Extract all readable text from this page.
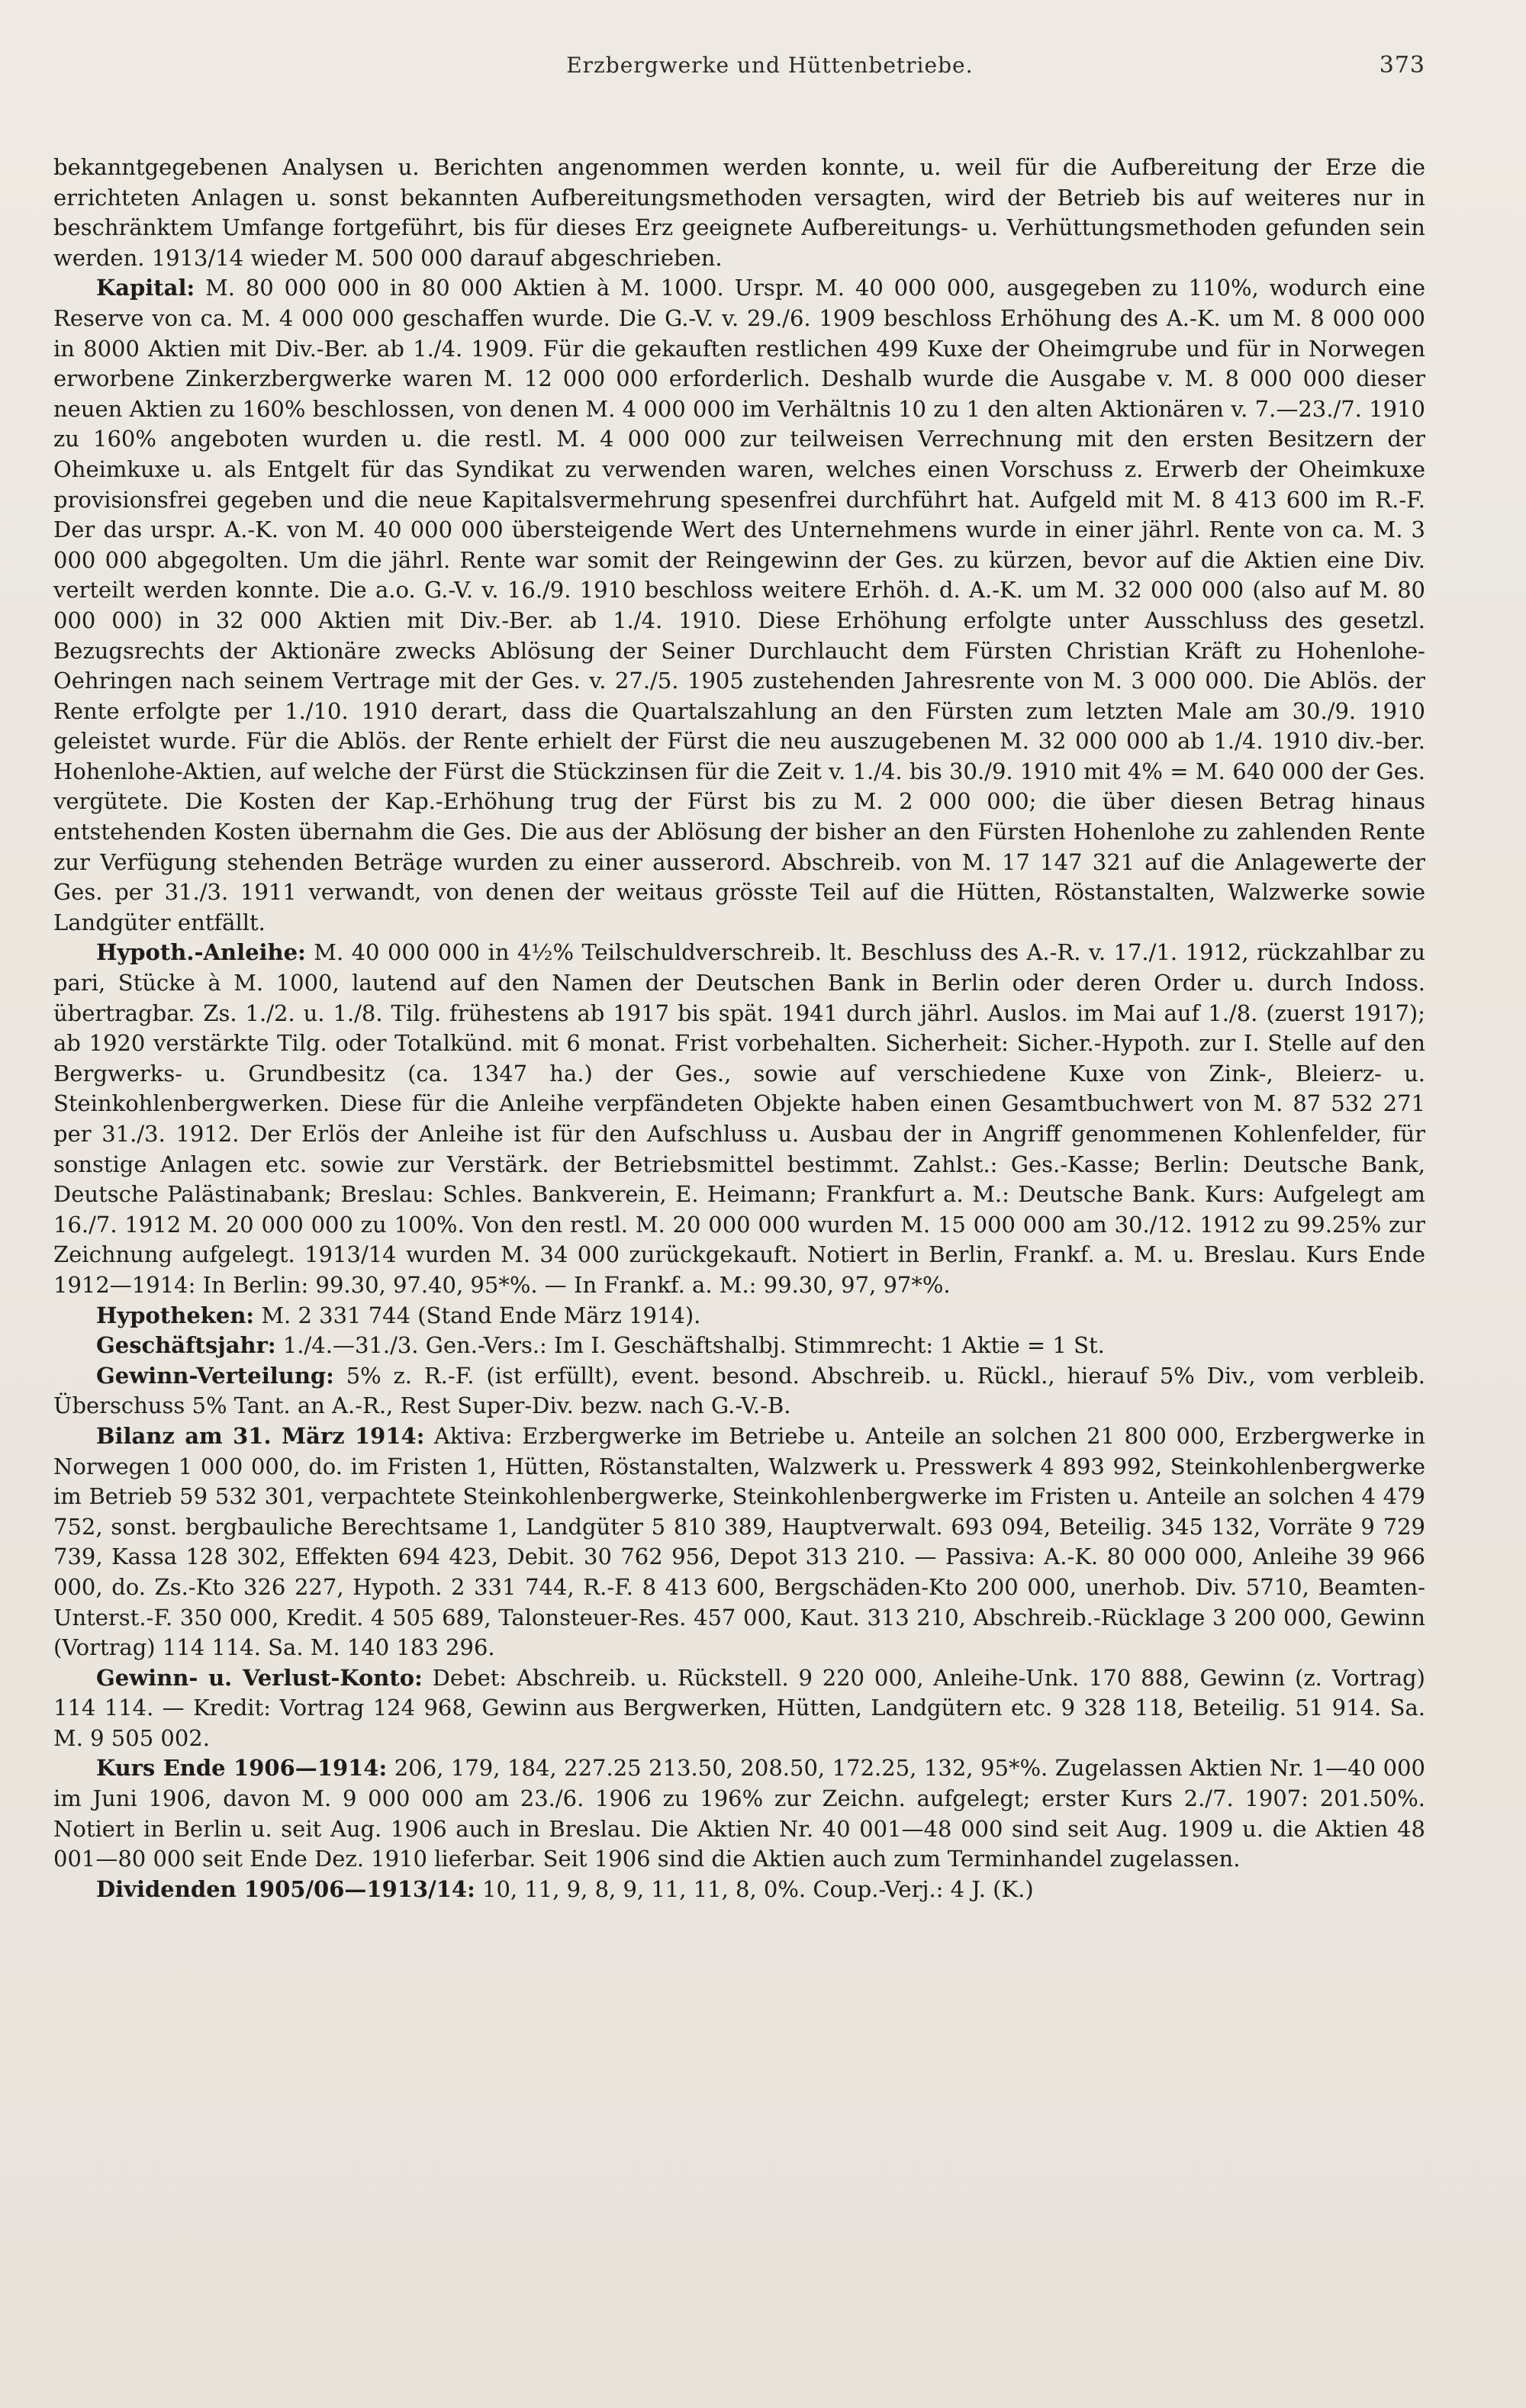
Erzbergwerke und Hüttenbetriebe.	373

bekanntgegebenen Analysen u. Berichten angenommen werden konnte, u. weil für die Aufbereitung der Erze die errichteten Anlagen u. sonst bekannten Aufbereitungsmethoden versagten, wird der Betrieb bis auf weiteres nur in beschränktem Umfange fortgeführt, bis für dieses Erz geeignete Aufbereitungs- u. Verhüttungsmethoden gefunden sein werden. 1913/14 wieder M. 500 000 darauf abgeschrieben.

Kapital: M. 80 000 000 in 80 000 Aktien à M. 1000. Urspr. M. 40 000 000, ausgegeben zu 110%, wodurch eine Reserve von ca. M. 4 000 000 geschaffen wurde. Die G.-V. v. 29./6. 1909 beschloss Erhöhung des A.-K. um M. 8 000 000 in 8000 Aktien mit Div.-Ber. ab 1./4. 1909. Für die gekauften restlichen 499 Kuxe der Oheimgrube und für in Norwegen erworbene Zinkerzbergwerke waren M. 12 000 000 erforderlich. Deshalb wurde die Ausgabe v. M. 8 000 000 dieser neuen Aktien zu 160% beschlossen, von denen M. 4 000 000 im Verhältnis 10 zu 1 den alten Aktionären v. 7.—23./7. 1910 zu 160% angeboten wurden u. die restl. M. 4 000 000 zur teilweisen Verrechnung mit den ersten Besitzern der Oheimkuxe u. als Entgelt für das Syndikat zu verwenden waren, welches einen Vorschuss z. Erwerb der Oheimkuxe provisionsfrei gegeben und die neue Kapitalsvermehrung spesenfrei durchführt hat. Aufgeld mit M. 8 413 600 im R.-F. Der das urspr. A.-K. von M. 40 000 000 übersteigende Wert des Unternehmens wurde in einer jährl. Rente von ca. M. 3 000 000 abgegolten. Um die jährl. Rente war somit der Reingewinn der Ges. zu kürzen, bevor auf die Aktien eine Div. verteilt werden konnte. Die a.o. G.-V. v. 16./9. 1910 beschloss weitere Erhöh. d. A.-K. um M. 32 000 000 (also auf M. 80 000 000) in 32 000 Aktien mit Div.-Ber. ab 1./4. 1910. Diese Erhöhung erfolgte unter Ausschluss des gesetzl. Bezugsrechts der Aktionäre zwecks Ablösung der Seiner Durchlaucht dem Fürsten Christian Kräft zu Hohenlohe-Oehringen nach seinem Vertrage mit der Ges. v. 27./5. 1905 zustehenden Jahresrente von M. 3 000 000. Die Ablös. der Rente erfolgte per 1./10. 1910 derart, dass die Quartalszahlung an den Fürsten zum letzten Male am 30./9. 1910 geleistet wurde. Für die Ablös. der Rente erhielt der Fürst die neu auszugebenen M. 32 000 000 ab 1./4. 1910 div.-ber. Hohenlohe-Aktien, auf welche der Fürst die Stückzinsen für die Zeit v. 1./4. bis 30./9. 1910 mit 4% = M. 640 000 der Ges. vergütete. Die Kosten der Kap.-Erhöhung trug der Fürst bis zu M. 2 000 000; die über diesen Betrag hinaus entstehenden Kosten übernahm die Ges. Die aus der Ablösung der bisher an den Fürsten Hohenlohe zu zahlenden Rente zur Verfügung stehenden Beträge wurden zu einer ausserord. Abschreib. von M. 17 147 321 auf die Anlagewerte der Ges. per 31./3. 1911 verwandt, von denen der weitaus grösste Teil auf die Hütten, Röstanstalten, Walzwerke sowie Landgüter entfällt.

Hypoth.-Anleihe: M. 40 000 000 in 4½% Teilschuldverschreib. lt. Beschluss des A.-R. v. 17./1. 1912, rückzahlbar zu pari, Stücke à M. 1000, lautend auf den Namen der Deutschen Bank in Berlin oder deren Order u. durch Indoss. übertragbar. Zs. 1./2. u. 1./8. Tilg. frühestens ab 1917 bis spät. 1941 durch jährl. Auslos. im Mai auf 1./8. (zuerst 1917); ab 1920 verstärkte Tilg. oder Totalkünd. mit 6 monat. Frist vorbehalten. Sicherheit: Sicher.-Hypoth. zur I. Stelle auf den Bergwerks- u. Grundbesitz (ca. 1347 ha.) der Ges., sowie auf verschiedene Kuxe von Zink-, Bleierz- u. Steinkohlenbergwerken. Diese für die Anleihe verpfändeten Objekte haben einen Gesamtbuchwert von M. 87 532 271 per 31./3. 1912. Der Erlös der Anleihe ist für den Aufschluss u. Ausbau der in Angriff genommenen Kohlenfelder, für sonstige Anlagen etc. sowie zur Verstärk. der Betriebsmittel bestimmt. Zahlst.: Ges.-Kasse; Berlin: Deutsche Bank, Deutsche Palästinabank; Breslau: Schles. Bankverein, E. Heimann; Frankfurt a. M.: Deutsche Bank. Kurs: Aufgelegt am 16./7. 1912 M. 20 000 000 zu 100%. Von den restl. M. 20 000 000 wurden M. 15 000 000 am 30./12. 1912 zu 99.25% zur Zeichnung aufgelegt. 1913/14 wurden M. 34 000 zurückgekauft. Notiert in Berlin, Frankf. a. M. u. Breslau. Kurs Ende 1912—1914: In Berlin: 99.30, 97.40, 95*%. — In Frankf. a. M.: 99.30, 97, 97*%.

Hypotheken: M. 2 331 744 (Stand Ende März 1914).

Geschäftsjahr: 1./4.—31./3. Gen.-Vers.: Im I. Geschäftshalbj. Stimmrecht: 1 Aktie = 1 St.

Gewinn-Verteilung: 5% z. R.-F. (ist erfüllt), event. besond. Abschreib. u. Rückl., hierauf 5% Div., vom verbleib. Überschuss 5% Tant. an A.-R., Rest Super-Div. bezw. nach G.-V.-B.

Bilanz am 31. März 1914: Aktiva: Erzbergwerke im Betriebe u. Anteile an solchen 21 800 000, Erzbergwerke in Norwegen 1 000 000, do. im Fristen 1, Hütten, Röstanstalten, Walzwerk u. Presswerk 4 893 992, Steinkohlenbergwerke im Betrieb 59 532 301, verpachtete Steinkohlenbergwerke, Steinkohlenbergwerke im Fristen u. Anteile an solchen 4 479 752, sonst. bergbauliche Berechtsame 1, Landgüter 5 810 389, Hauptverwalt. 693 094, Beteilig. 345 132, Vorräte 9 729 739, Kassa 128 302, Effekten 694 423, Debit. 30 762 956, Depot 313 210. — Passiva: A.-K. 80 000 000, Anleihe 39 966 000, do. Zs.-Kto 326 227, Hypoth. 2 331 744, R.-F. 8 413 600, Bergschäden-Kto 200 000, unerhob. Div. 5710, Beamten-Unterst.-F. 350 000, Kredit. 4 505 689, Talonsteuer-Res. 457 000, Kaut. 313 210, Abschreib.-Rücklage 3 200 000, Gewinn (Vortrag) 114 114. Sa. M. 140 183 296.

Gewinn- u. Verlust-Konto: Debet: Abschreib. u. Rückstell. 9 220 000, Anleihe-Unk. 170 888, Gewinn (z. Vortrag) 114 114. — Kredit: Vortrag 124 968, Gewinn aus Bergwerken, Hütten, Landgütern etc. 9 328 118, Beteilig. 51 914. Sa. M. 9 505 002.

Kurs Ende 1906—1914: 206, 179, 184, 227.25 213.50, 208.50, 172.25, 132, 95*%. Zugelassen Aktien Nr. 1—40 000 im Juni 1906, davon M. 9 000 000 am 23./6. 1906 zu 196% zur Zeichn. aufgelegt; erster Kurs 2./7. 1907: 201.50%. Notiert in Berlin u. seit Aug. 1906 auch in Breslau. Die Aktien Nr. 40 001—48 000 sind seit Aug. 1909 u. die Aktien 48 001—80 000 seit Ende Dez. 1910 lieferbar. Seit 1906 sind die Aktien auch zum Terminhandel zugelassen.

Dividenden 1905/06—1913/14: 10, 11, 9, 8, 9, 11, 11, 8, 0%. Coup.-Verj.: 4 J. (K.)
